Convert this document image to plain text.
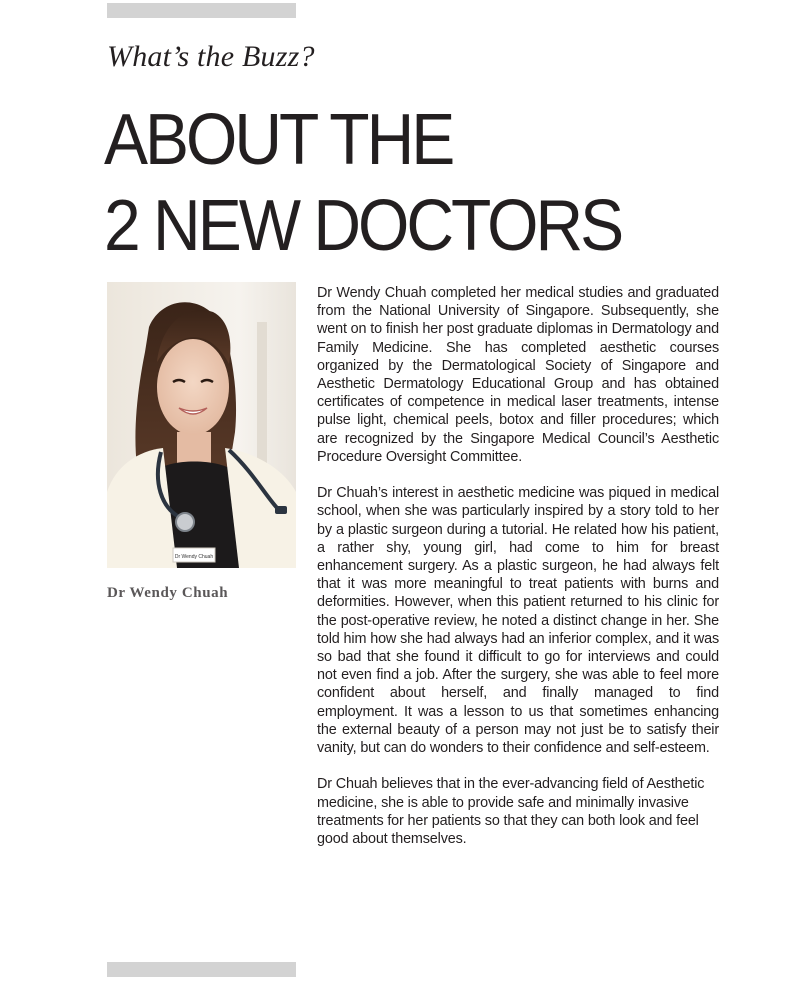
What’s the Buzz?
ABOUT THE
2 NEW DOCTORS
Dr Wendy Chuah
Dr Wendy Chuah

Dr Wendy Chuah completed her medical studies and graduated from the National University of Singapore. Subsequently, she went on to finish her post graduate diplomas in Dermatology and Family Medicine. She has completed aesthetic courses organized by the Dermatological Society of Singapore and Aesthetic Dermatology Educational Group and has obtained certificates of competence in medical laser treatments, intense pulse light, chemical peels, botox and filler procedures; which are recognized by the Singapore Medical Council’s Aesthetic Procedure Oversight Committee.

Dr Chuah’s interest in aesthetic medicine was piqued in medical school, when she was particularly inspired by a story told to her by a plastic surgeon during a tutorial. He related how his patient, a rather shy, young girl, had come to him for breast enhancement surgery. As a plastic surgeon, he had always felt that it was more meaningful to treat patients with burns and deformities. However, when this patient returned to his clinic for the post-operative review, he noted a distinct change in her. She told him how she had always had an inferior complex, and it was so bad that she found it difficult to go for interviews and could not even find a job. After the surgery, she was able to feel more confident about herself, and finally managed to find employment. It was a lesson to us that sometimes enhancing the external beauty of a person may not just be to satisfy their vanity, but can do wonders to their confidence and self-esteem.

Dr Chuah believes that in the ever-advancing field of Aesthetic medicine, she is able to provide safe and minimally invasive treatments for her patients so that they can both look and feel good about themselves.
